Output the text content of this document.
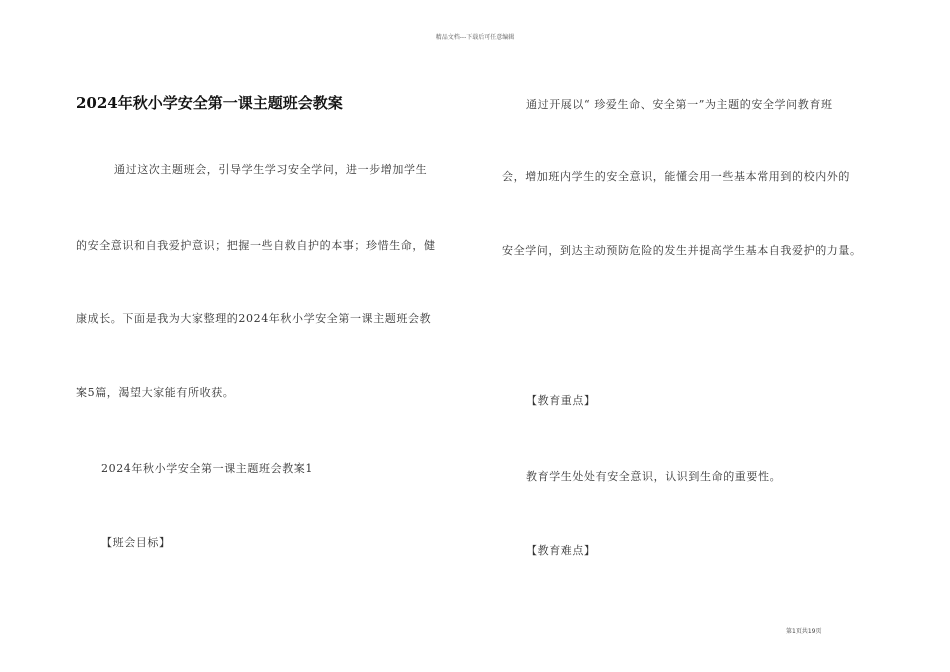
精品文档---下载后可任意编辑
2024年秋小学安全第一课主题班会教案
通过这次主题班会，引导学生学习安全学问，进一步增加学生
的安全意识和自我爱护意识；把握一些自救自护的本事；珍惜生命，健
康成长。下面是我为大家整理的2024年秋小学安全第一课主题班会教
案5篇，渴望大家能有所收获。
2024年秋小学安全第一课主题班会教案1
【班会目标】
通过开展以“ 珍爱生命、安全第一”为主题的安全学问教育班
会，增加班内学生的安全意识，能懂会用一些基本常用到的校内外的
安全学问，到达主动预防危险的发生并提高学生基本自我爱护的力量。
【教育重点】
教育学生处处有安全意识，认识到生命的重要性。
【教育难点】
第1页共19页
